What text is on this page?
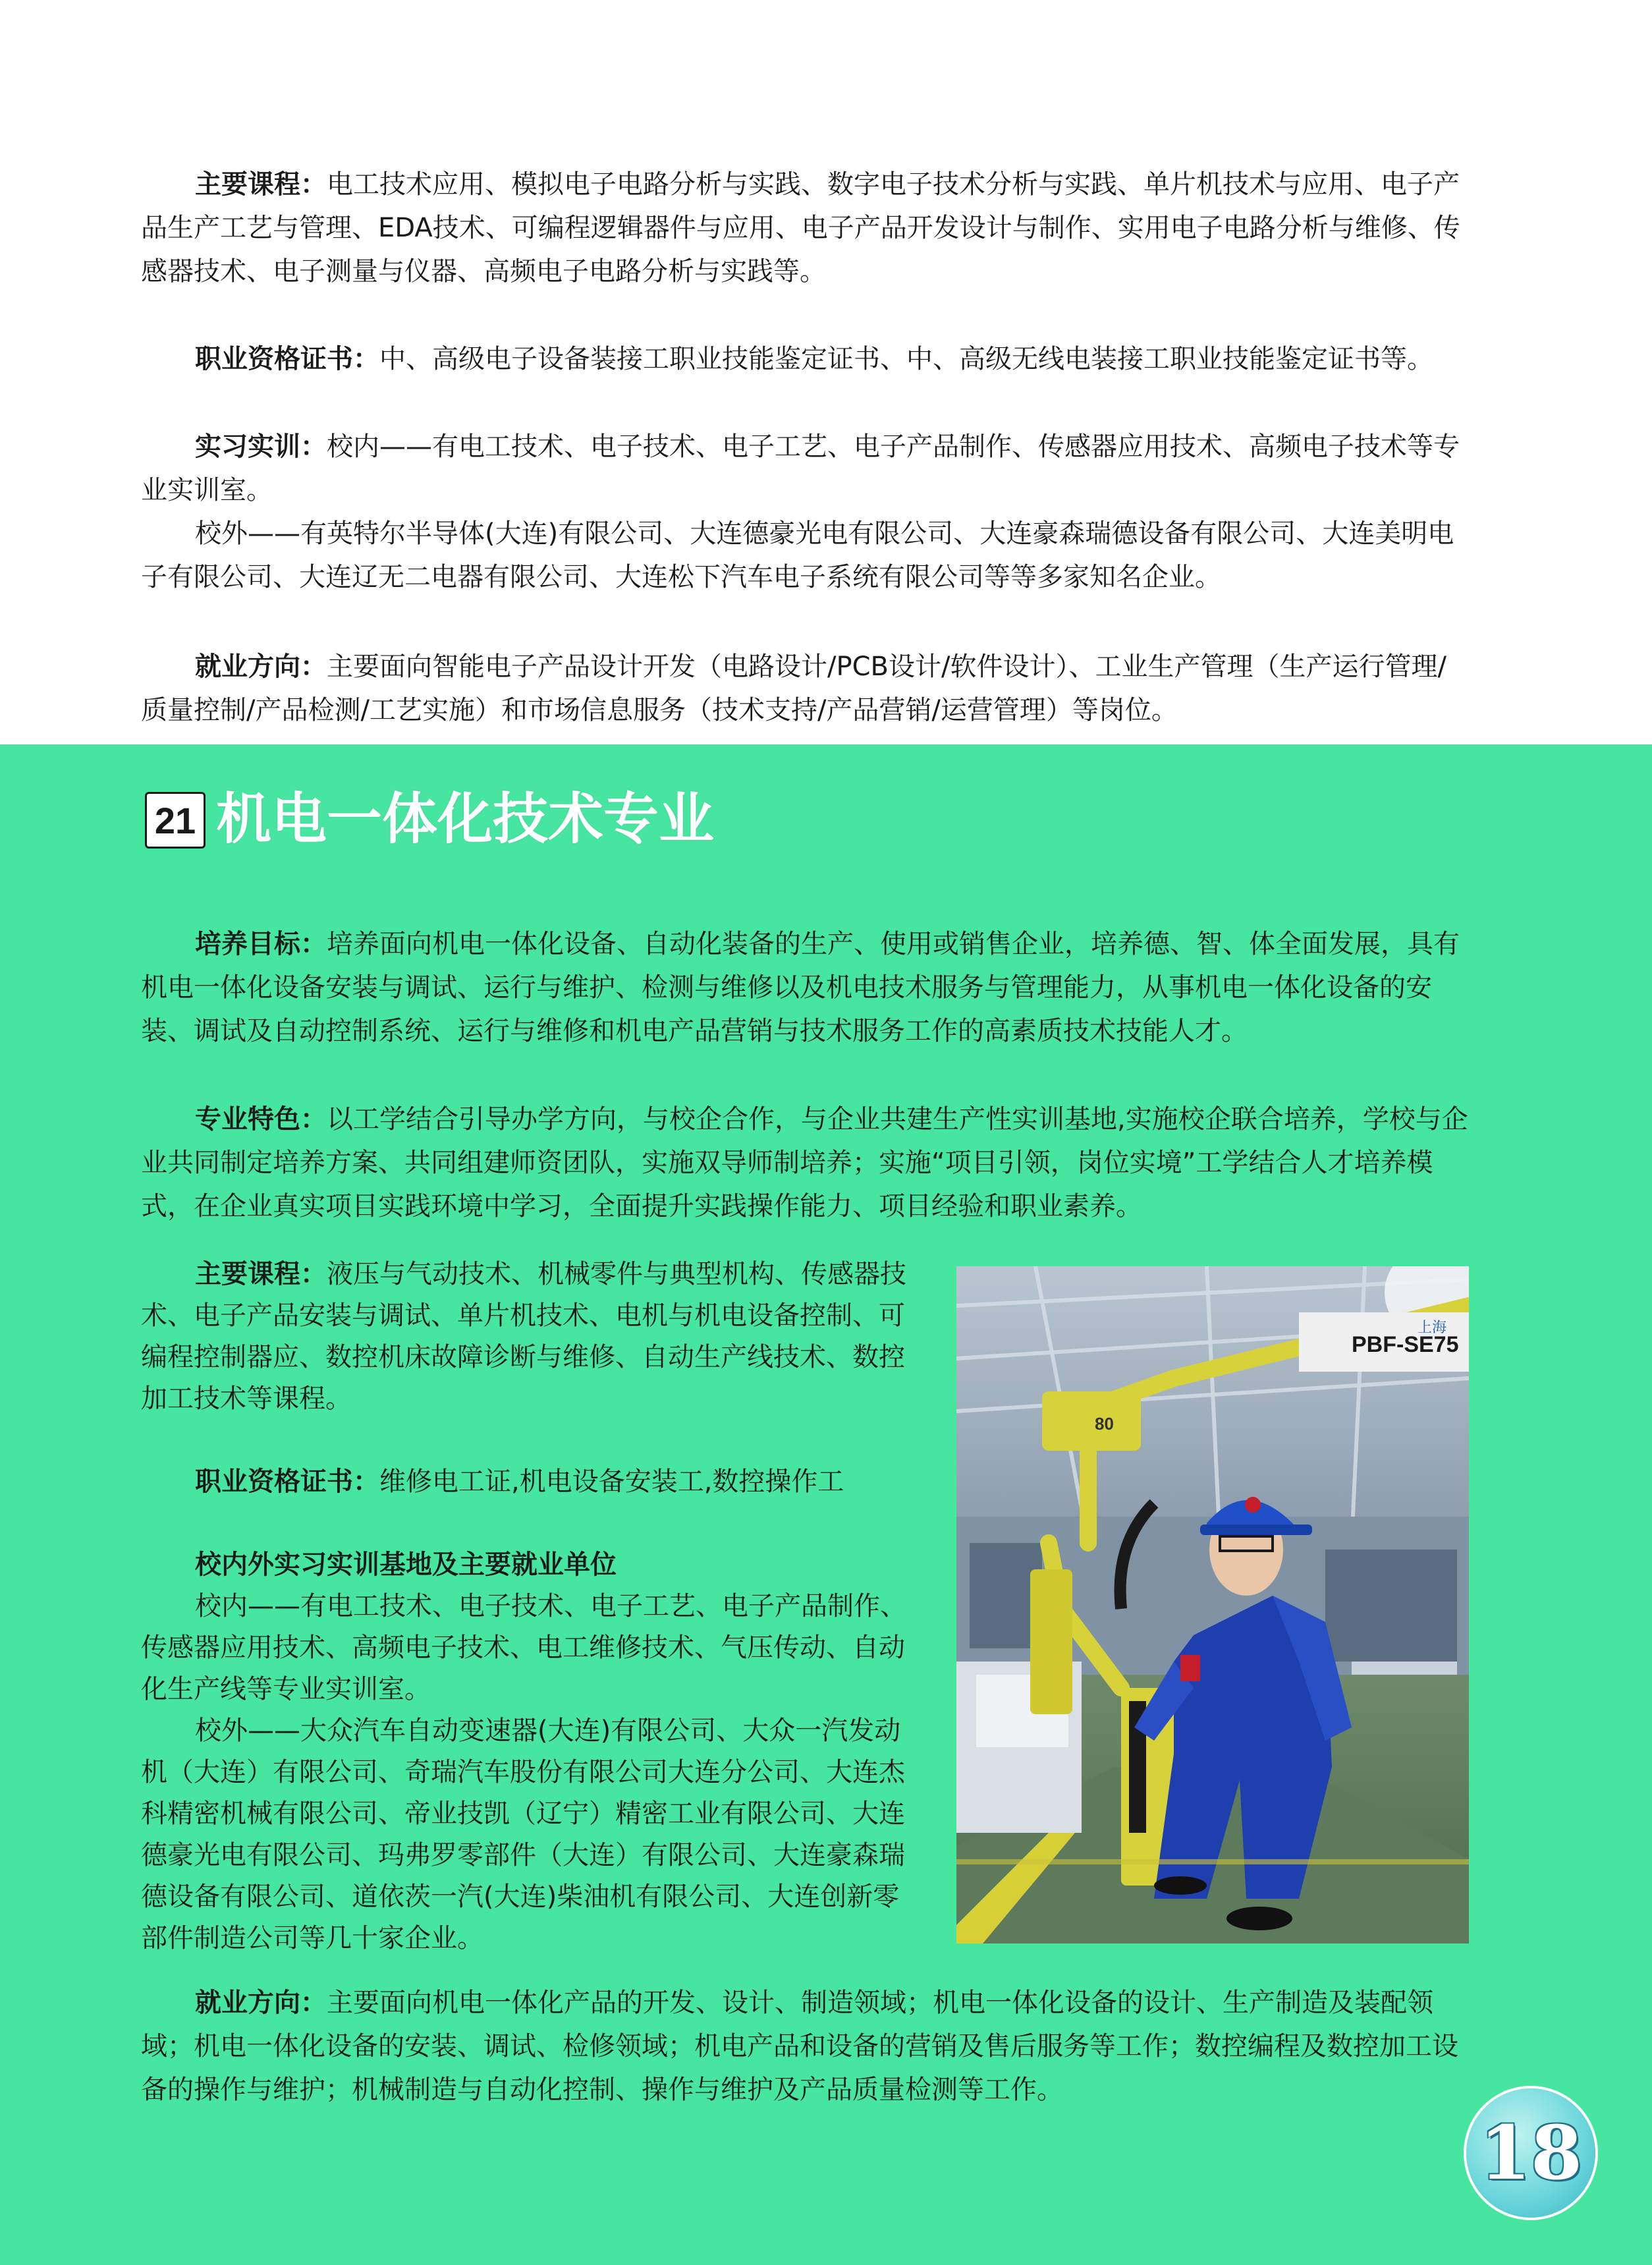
主要课程：电工技术应用、模拟电子电路分析与实践、数字电子技术分析与实践、单片机技术与应用、电子产品生产工艺与管理、EDA技术、可编程逻辑器件与应用、电子产品开发设计与制作、实用电子电路分析与维修、传感器技术、电子测量与仪器、高频电子电路分析与实践等。

职业资格证书：中、高级电子设备装接工职业技能鉴定证书、中、高级无线电装接工职业技能鉴定证书等。

实习实训：校内——有电工技术、电子技术、电子工艺、电子产品制作、传感器应用技术、高频电子技术等专业实训室。

校外——有英特尔半导体(大连)有限公司、大连德豪光电有限公司、大连豪森瑞德设备有限公司、大连美明电子有限公司、大连辽无二电器有限公司、大连松下汽车电子系统有限公司等等多家知名企业。

就业方向：主要面向智能电子产品设计开发（电路设计/PCB设计/软件设计）、工业生产管理（生产运行管理/质量控制/产品检测/工艺实施）和市场信息服务（技术支持/产品营销/运营管理）等岗位。

21 机电一体化技术专业

培养目标：培养面向机电一体化设备、自动化装备的生产、使用或销售企业，培养德、智、体全面发展，具有机电一体化设备安装与调试、运行与维护、检测与维修以及机电技术服务与管理能力，从事机电一体化设备的安装、调试及自动控制系统、运行与维修和机电产品营销与技术服务工作的高素质技术技能人才。

专业特色：以工学结合引导办学方向，与校企合作，与企业共建生产性实训基地,实施校企联合培养，学校与企业共同制定培养方案、共同组建师资团队，实施双导师制培养；实施“项目引领，岗位实境”工学结合人才培养模式，在企业真实项目实践环境中学习，全面提升实践操作能力、项目经验和职业素养。

主要课程：液压与气动技术、机械零件与典型机构、传感器技术、电子产品安装与调试、单片机技术、电机与机电设备控制、可编程控制器应、数控机床故障诊断与维修、自动生产线技术、数控加工技术等课程。

职业资格证书：维修电工证,机电设备安装工,数控操作工

校内外实习实训基地及主要就业单位

校内——有电工技术、电子技术、电子工艺、电子产品制作、传感器应用技术、高频电子技术、电工维修技术、气压传动、自动化生产线等专业实训室。

校外——大众汽车自动变速器(大连)有限公司、大众一汽发动机（大连）有限公司、奇瑞汽车股份有限公司大连分公司、大连杰科精密机械有限公司、帝业技凯（辽宁）精密工业有限公司、大连德豪光电有限公司、玛弗罗零部件（大连）有限公司、大连豪森瑞德设备有限公司、道依茨一汽(大连)柴油机有限公司、大连创新零部件制造公司等几十家企业。

80
PBF-SE75
上海

就业方向：主要面向机电一体化产品的开发、设计、制造领域；机电一体化设备的设计、生产制造及装配领域；机电一体化设备的安装、调试、检修领域；机电产品和设备的营销及售后服务等工作；数控编程及数控加工设备的操作与维护；机械制造与自动化控制、操作与维护及产品质量检测等工作。

18
